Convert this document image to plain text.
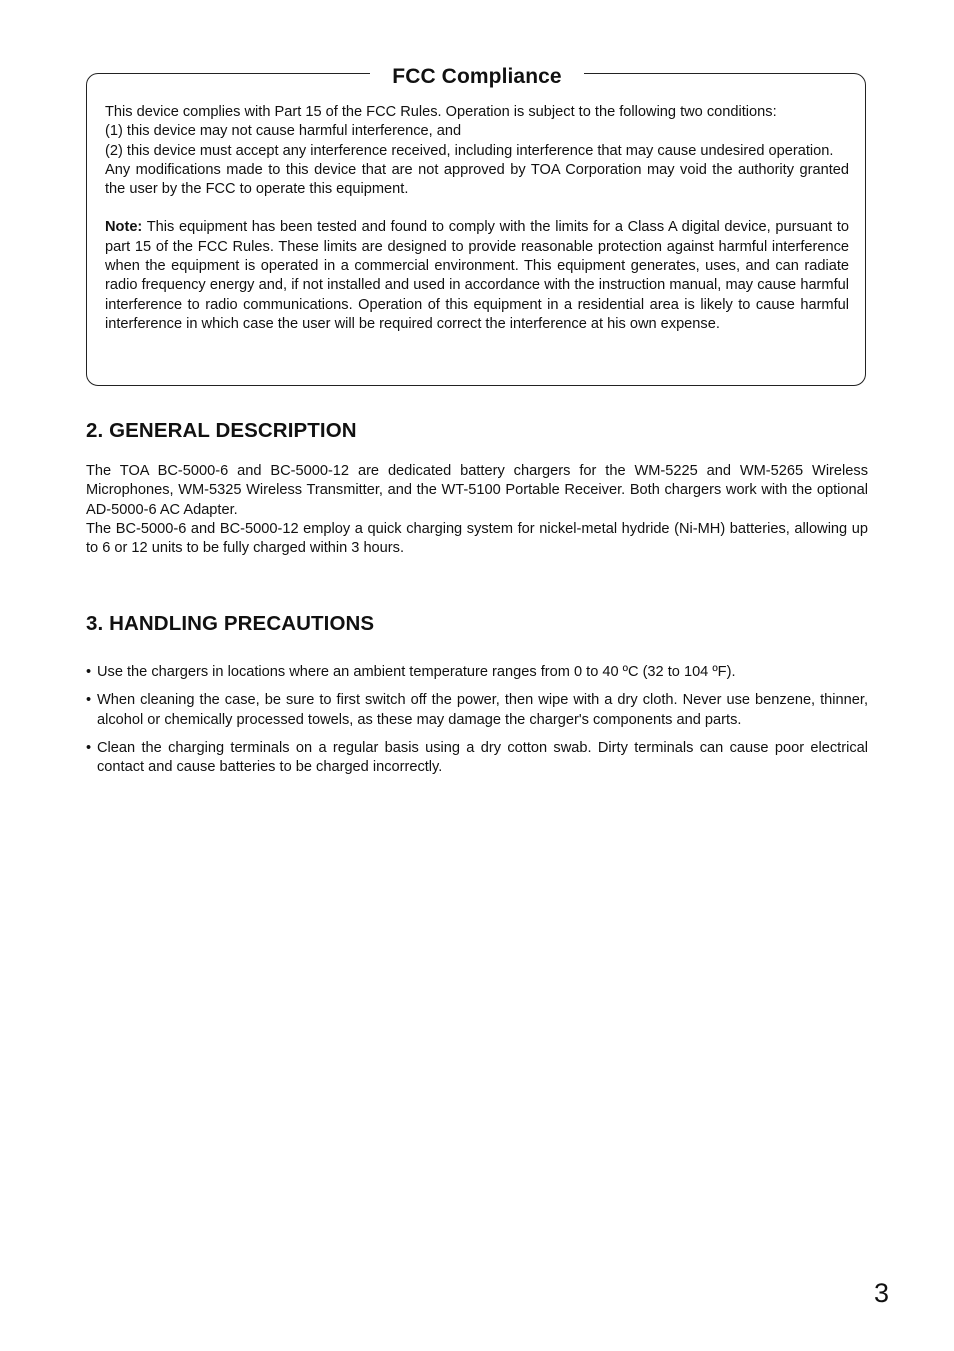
FCC Compliance

This device complies with Part 15 of the FCC Rules. Operation is subject to the following two conditions:

(1) this device may not cause harmful interference, and

(2) this device must accept any interference received, including interference that may cause undesired operation.

Any modifications made to this device that are not approved by TOA Corporation may void the authority granted the user by the FCC to operate this equipment.

Note: This equipment has been tested and found to comply with the limits for a Class A digital device, pursuant to part 15 of the FCC Rules. These limits are designed to provide reasonable protection against harmful interference when the equipment is operated in a commercial environment. This equipment generates, uses, and can radiate radio frequency energy and, if not installed and used in accordance with the instruction manual, may cause harmful interference to radio communications. Operation of this equipment in a residential area is likely to cause harmful interference in which case the user will be required correct the interference at his own expense.

2. GENERAL DESCRIPTION

The TOA BC-5000-6 and BC-5000-12 are dedicated battery chargers for the WM-5225 and WM-5265 Wireless Microphones, WM-5325 Wireless Transmitter, and the WT-5100 Portable Receiver. Both chargers work with the optional AD-5000-6 AC Adapter.

The BC-5000-6 and BC-5000-12 employ a quick charging system for nickel-metal hydride (Ni-MH) batteries, allowing up to 6 or 12 units to be fully charged within 3 hours.

3. HANDLING PRECAUTIONS
• Use the chargers in locations where an ambient temperature ranges from 0 to 40 ºC (32 to 104 ºF).
• When cleaning the case, be sure to first switch off the power, then wipe with a dry cloth. Never use benzene, thinner, alcohol or chemically processed towels, as these may damage the charger's components and parts.
• Clean the charging terminals on a regular basis using a dry cotton swab. Dirty terminals can cause poor electrical contact and cause batteries to be charged incorrectly.
3
